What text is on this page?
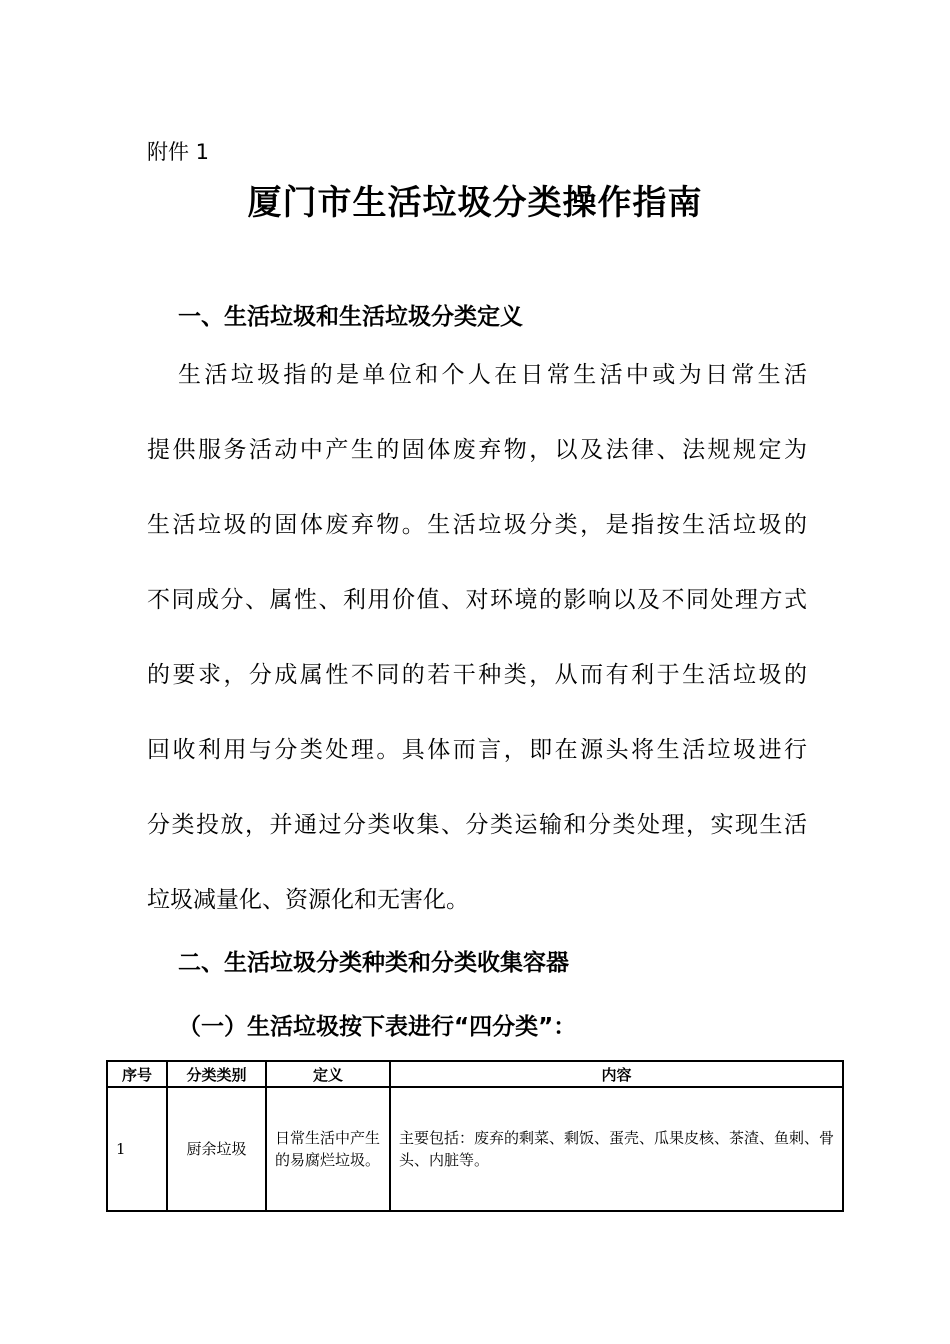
附件 1
厦门市生活垃圾分类操作指南
一、生活垃圾和生活垃圾分类定义
生活垃圾指的是单位和个人在日常生活中或为日常生活
提供服务活动中产生的固体废弃物，以及法律、法规规定为
生活垃圾的固体废弃物。生活垃圾分类，是指按生活垃圾的
不同成分、属性、利用价值、对环境的影响以及不同处理方式
的要求，分成属性不同的若干种类，从而有利于生活垃圾的
回收利用与分类处理。具体而言，即在源头将生活垃圾进行
分类投放，并通过分类收集、分类运输和分类处理，实现生活
垃圾减量化、资源化和无害化。
二、生活垃圾分类种类和分类收集容器
（一）生活垃圾按下表进行“四分类”：
序号	分类类别	定义	内容
1	厨余垃圾	日常生活中产生的易腐烂垃圾。	主要包括：废弃的剩菜、剩饭、蛋壳、瓜果皮核、茶渣、鱼刺、骨头、内脏等。
